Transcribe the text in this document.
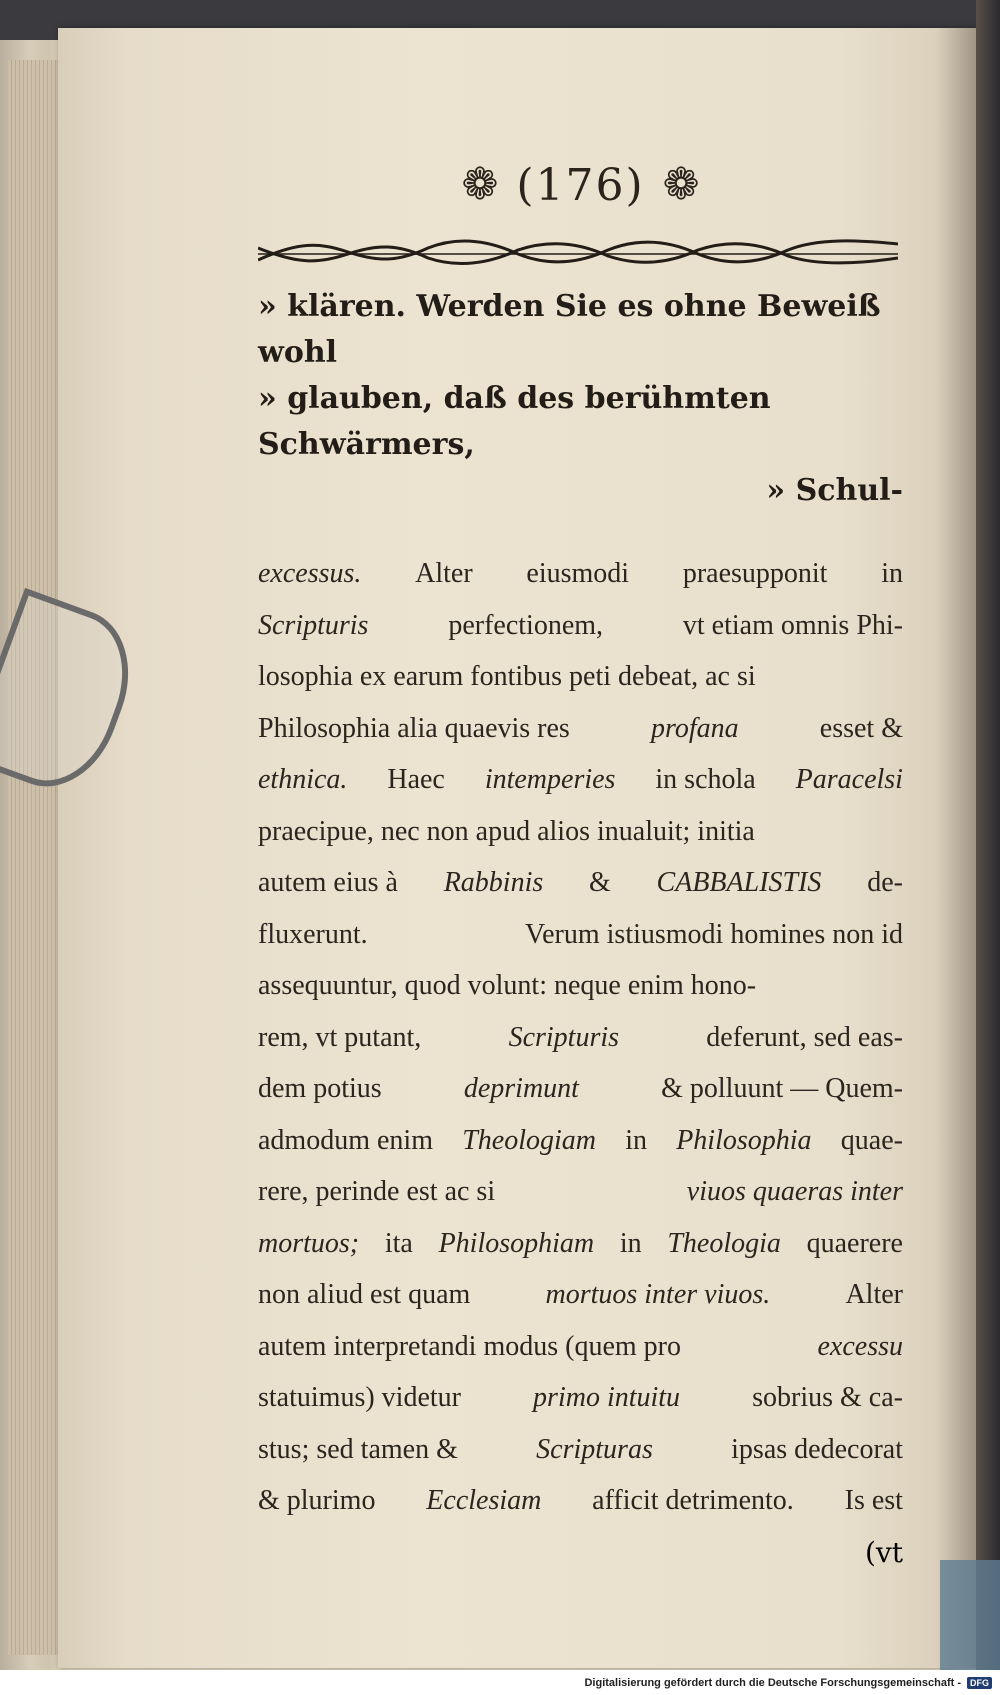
❁ (176) ❁
» klären. Werden Sie es ohne Beweiß wohl
» glauben, daß des berühmten Schwärmers,
» Schul-
excessus. Alter eiusmodi praesupponit in
Scripturis	perfectionem,	vt etiam omnis Phi-
losophia ex earum fontibus peti debeat, ac si
Philosophia alia quaevis res	profana	esset &
ethnica. Haec intemperies in schola Paracelsi
praecipue, nec non apud alios inualuit; initia
autem eius à Rabbinis & CABBALISTIS de-
fluxerunt.	Verum istiusmodi homines non id
assequuntur, quod volunt: neque enim hono-
rem, vt putant,	Scripturis	deferunt, sed eas-
dem potius	deprimunt	& polluunt — Quem-
admodum enim Theologiam in Philosophia quae-
rere, perinde est ac si	viuos quaeras inter
mortuos; ita Philosophiam in Theologia quaerere
non aliud est quam	mortuos inter viuos.	Alter
autem interpretandi modus (quem pro	excessu
statuimus) videtur	primo intuitu	sobrius & ca-
stus; sed tamen &	Scripturas	ipsas dedecorat
& plurimo Ecclesiam afficit detrimento. Is est
(vt
Digitalisierung gefördert durch die Deutsche Forschungsgemeinschaft -	DFG
